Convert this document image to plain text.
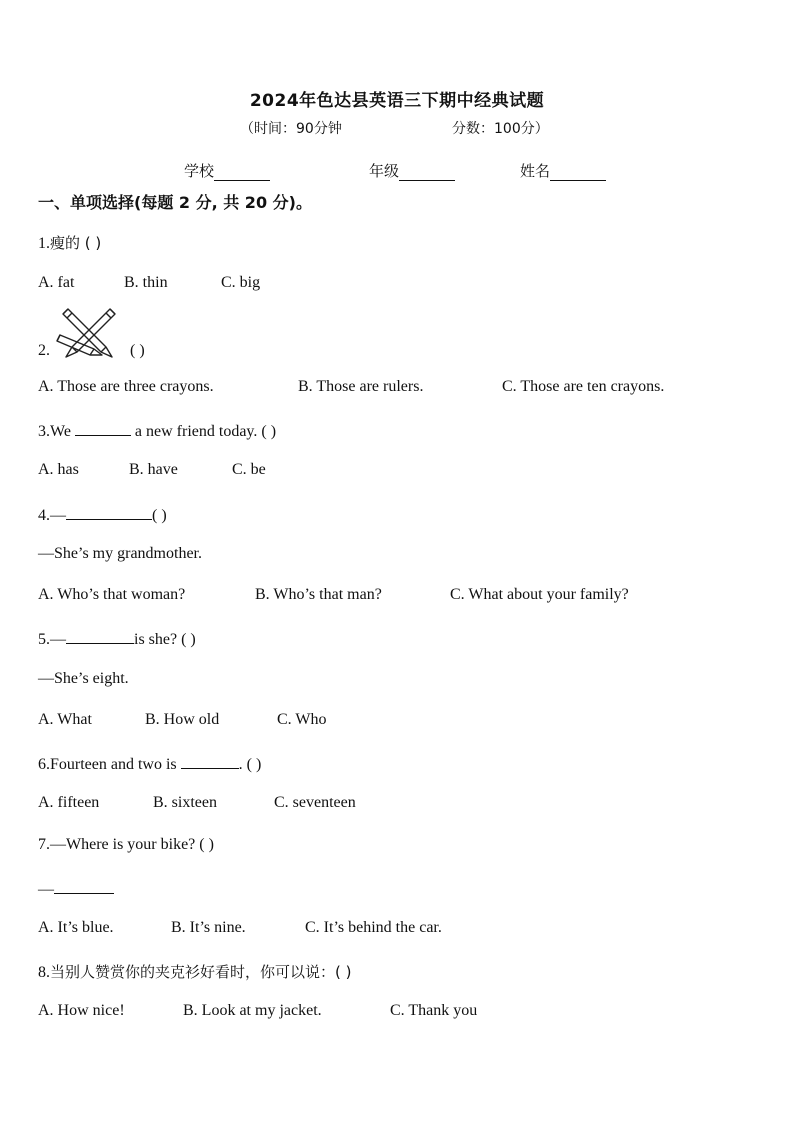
2024年色达县英语三下期中经典试题
（时间：90分钟	分数：100分）
学校	年级	姓名
一、单项选择(每题 2 分, 共 20 分)。
1.瘦的 ( )
A. fat	B. thin	C. big
2.	( )
A. Those are three crayons.	B. Those are rulers.	C. Those are ten crayons.
3.We	a new friend today. ( )
A. has	B. have	C. be
4.—	( )
—She’s my grandmother.
A. Who’s that woman?	B. Who’s that man?	C. What about your family?
5.—	is she? ( )
—She’s eight.
A. What	B. How old	C. Who
6.Fourteen and two is	. ( )
A. fifteen	B. sixteen	C. seventeen
7.—Where is your bike? ( )
—
A. It’s blue.	B. It’s nine.	C. It’s behind the car.
8.当别人赞赏你的夹克衫好看时，你可以说：( )
A. How nice!	B. Look at my jacket.	C. Thank you
